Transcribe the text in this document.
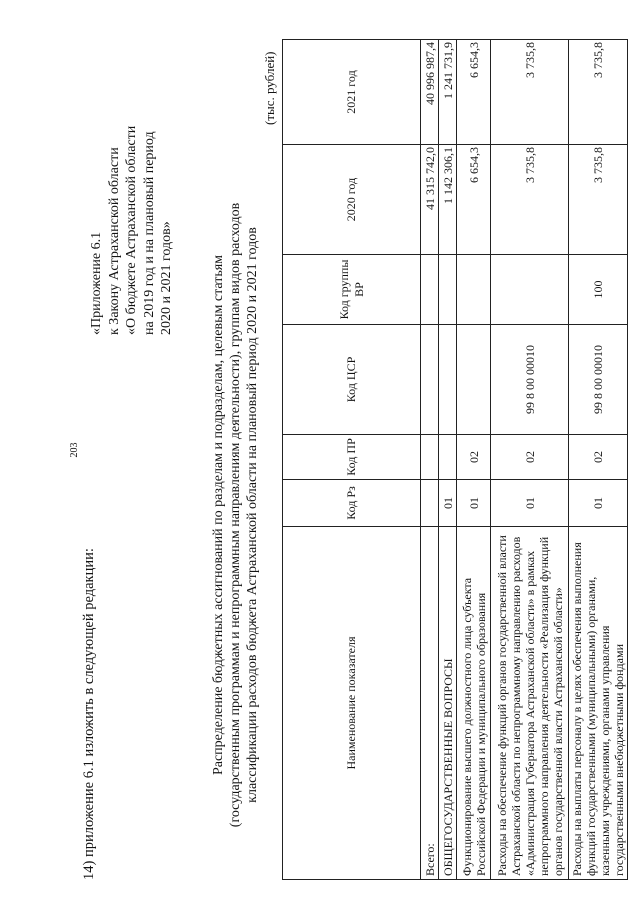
203
14) приложение 6.1 изложить в следующей редакции:
«Приложение 6.1 к Закону Астраханской области «О бюджете Астраханской области на 2019 год и на плановый период 2020 и 2021 годов»	Распределение бюджетных ассигнований по разделам и подразделам, целевым статьям (государственным программам и непрограммным направлениям деятельности), группам видов расходов классификации расходов бюджета Астраханской области на плановый период 2020 и 2021 годов
(тыс. рублей)
Наименование показателя	Код Рз	Код ПР	Код ЦСР	Код группы ВР	2020 год	2021 год
Всего:					41 315 742,0	40 996 987,4
ОБЩЕГОСУДАРСТВЕННЫЕ ВОПРОСЫ	01				1 142 306,1	1 241 731,9
Функционирование высшего должностного лица субъекта Российской Федерации и муниципального образования	01	02			6 654,3	6 654,3
Расходы на обеспечение функций органов государственной власти Астраханской области по непрограммному направлению расходов «Администрация Губернатора Астраханской области» в рамках непрограммного направления деятельности «Реализация функций органов государственной власти Астраханской области»	01	02	99 8 00 00010		3 735,8	3 735,8
Расходы на выплаты персоналу в целях обеспечения выполнения функций государственными (муниципальными) органами, казенными учреждениями, органами управления государственными внебюджетными фондами	01	02	99 8 00 00010	100	3 735,8	3 735,8
